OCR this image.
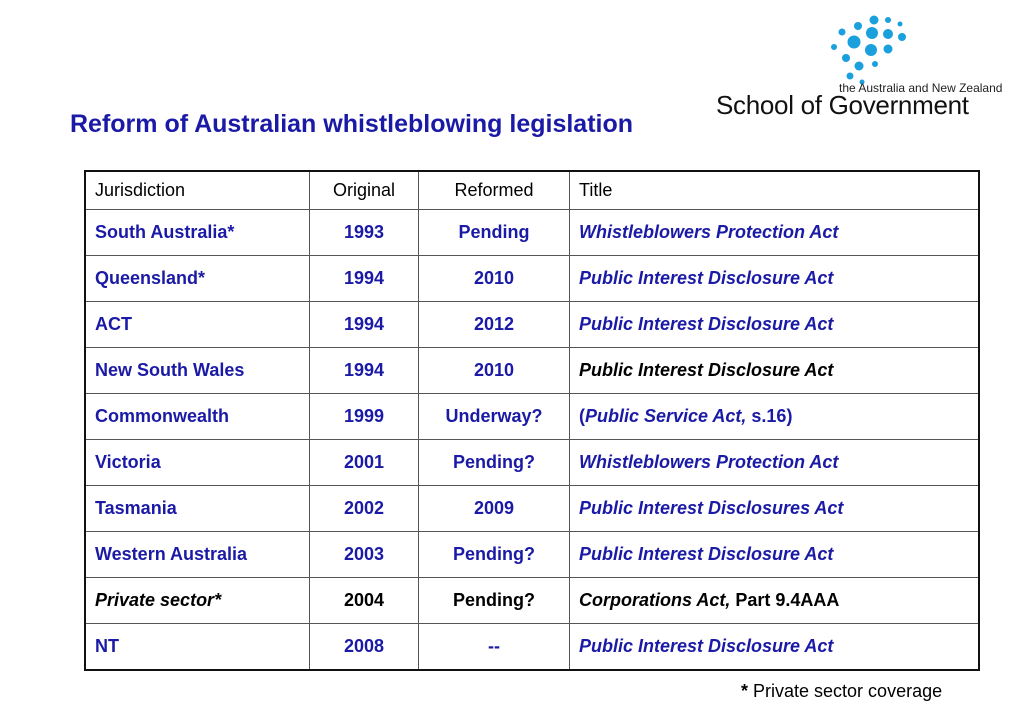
Reform of Australian whistleblowing legislation
the Australia and New Zealand
School of Government
Jurisdiction	Original	Reformed	Title
South Australia*	1993	Pending	Whistleblowers Protection Act
Queensland*	1994	2010	Public Interest Disclosure Act
ACT	1994	2012	Public Interest Disclosure Act
New South Wales	1994	2010	Public Interest Disclosure Act
Commonwealth	1999	Underway?	(Public Service Act, s.16)
Victoria	2001	Pending?	Whistleblowers Protection Act
Tasmania	2002	2009	Public Interest Disclosures Act
Western Australia	2003	Pending?	Public Interest Disclosure Act
Private sector*	2004	Pending?	Corporations Act, Part 9.4AAA
NT	2008	--	Public Interest Disclosure Act
* Private sector coverage
